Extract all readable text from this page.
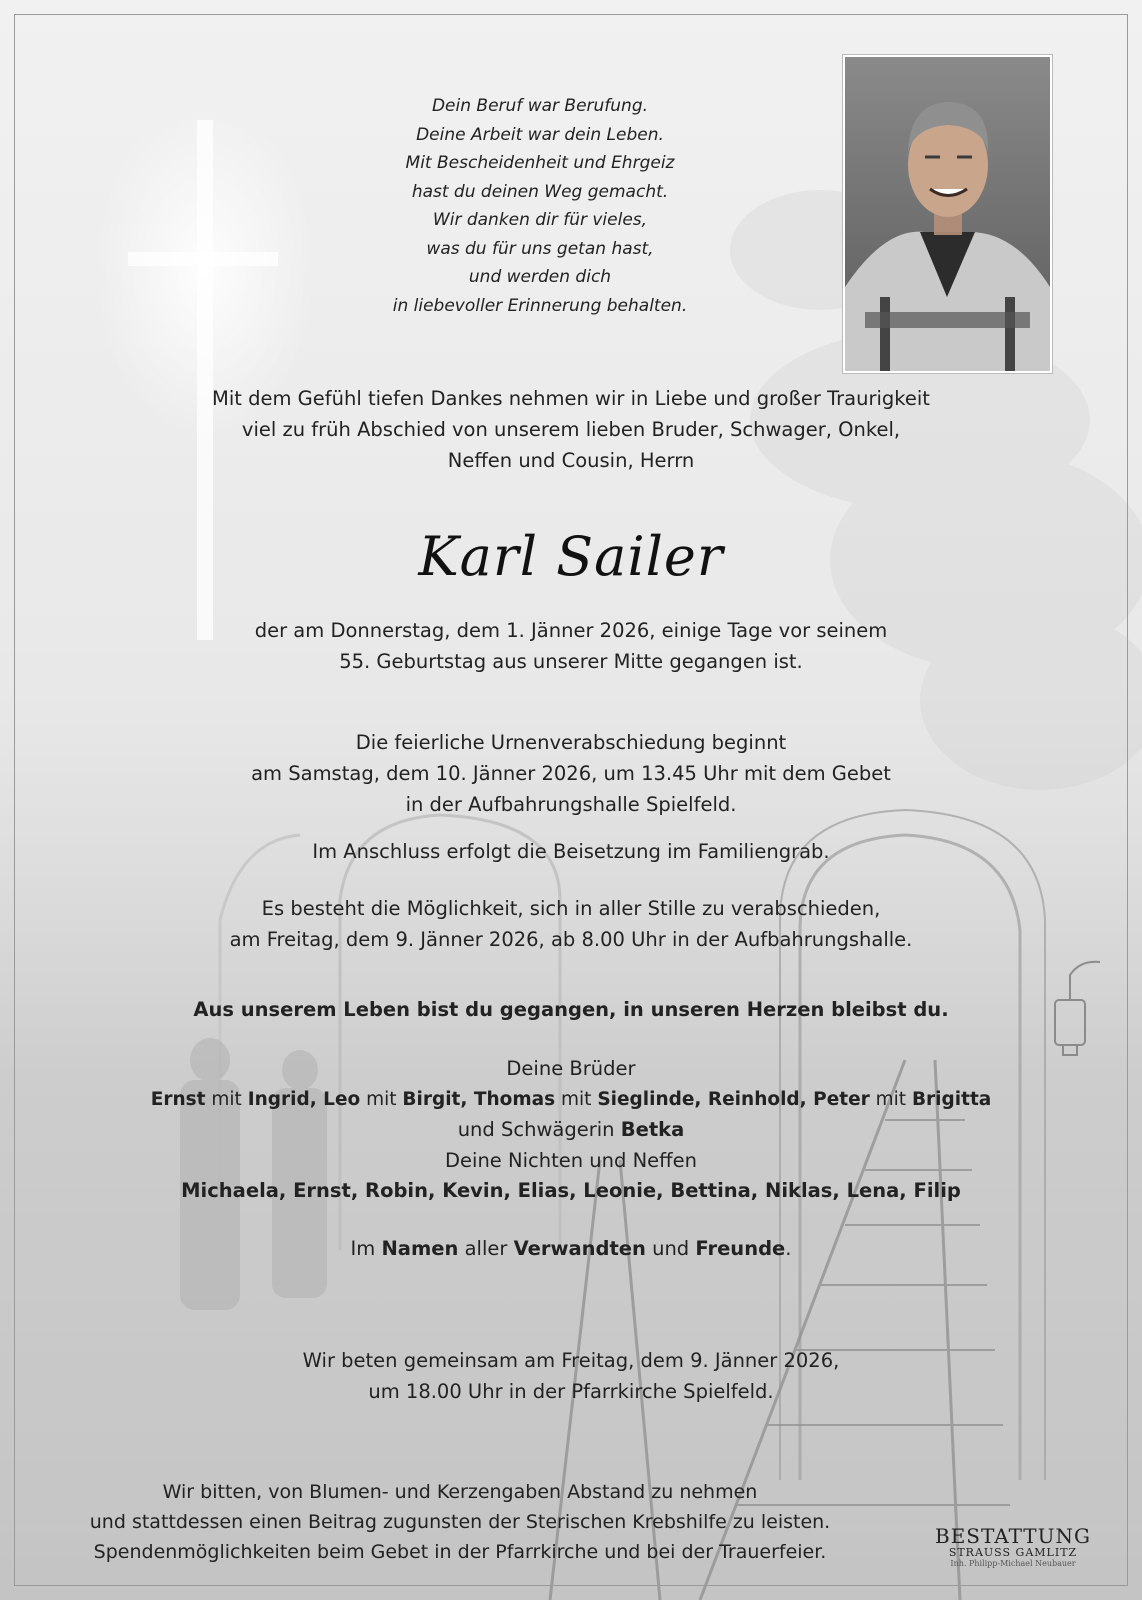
Dein Beruf war Berufung.
Deine Arbeit war dein Leben.
Mit Bescheidenheit und Ehrgeiz
hast du deinen Weg gemacht.
Wir danken dir für vieles,
was du für uns getan hast,
und werden dich
in liebevoller Erinnerung behalten.
Mit dem Gefühl tiefen Dankes nehmen wir in Liebe und großer Traurigkeit
viel zu früh Abschied von unserem lieben Bruder, Schwager, Onkel,
Neffen und Cousin, Herrn
Karl Sailer
der am Donnerstag, dem 1. Jänner 2026, einige Tage vor seinem
55. Geburtstag aus unserer Mitte gegangen ist.
Die feierliche Urnenverabschiedung beginnt
am Samstag, dem 10. Jänner 2026, um 13.45 Uhr mit dem Gebet
in der Aufbahrungshalle Spielfeld.
Im Anschluss erfolgt die Beisetzung im Familiengrab.
Es besteht die Möglichkeit, sich in aller Stille zu verabschieden,
am Freitag, dem 9. Jänner 2026, ab 8.00 Uhr in der Aufbahrungshalle.
Aus unserem Leben bist du gegangen, in unseren Herzen bleibst du.
Deine Brüder
Ernst mit Ingrid, Leo mit Birgit, Thomas mit Sieglinde, Reinhold, Peter mit Brigitta
und Schwägerin Betka
Deine Nichten und Neffen
Michaela, Ernst, Robin, Kevin, Elias, Leonie, Bettina, Niklas, Lena, Filip
Im Namen aller Verwandten und Freunde.
Wir beten gemeinsam am Freitag, dem 9. Jänner 2026,
um 18.00 Uhr in der Pfarrkirche Spielfeld.
Wir bitten, von Blumen- und Kerzengaben Abstand zu nehmen
und stattdessen einen Beitrag zugunsten der Sterischen Krebshilfe zu leisten.
Spendenmöglichkeiten beim Gebet in der Pfarrkirche und bei der Trauerfeier.
BESTATTUNG
STRAUSS GAMLITZ
Inh. Philipp-Michael Neubauer
